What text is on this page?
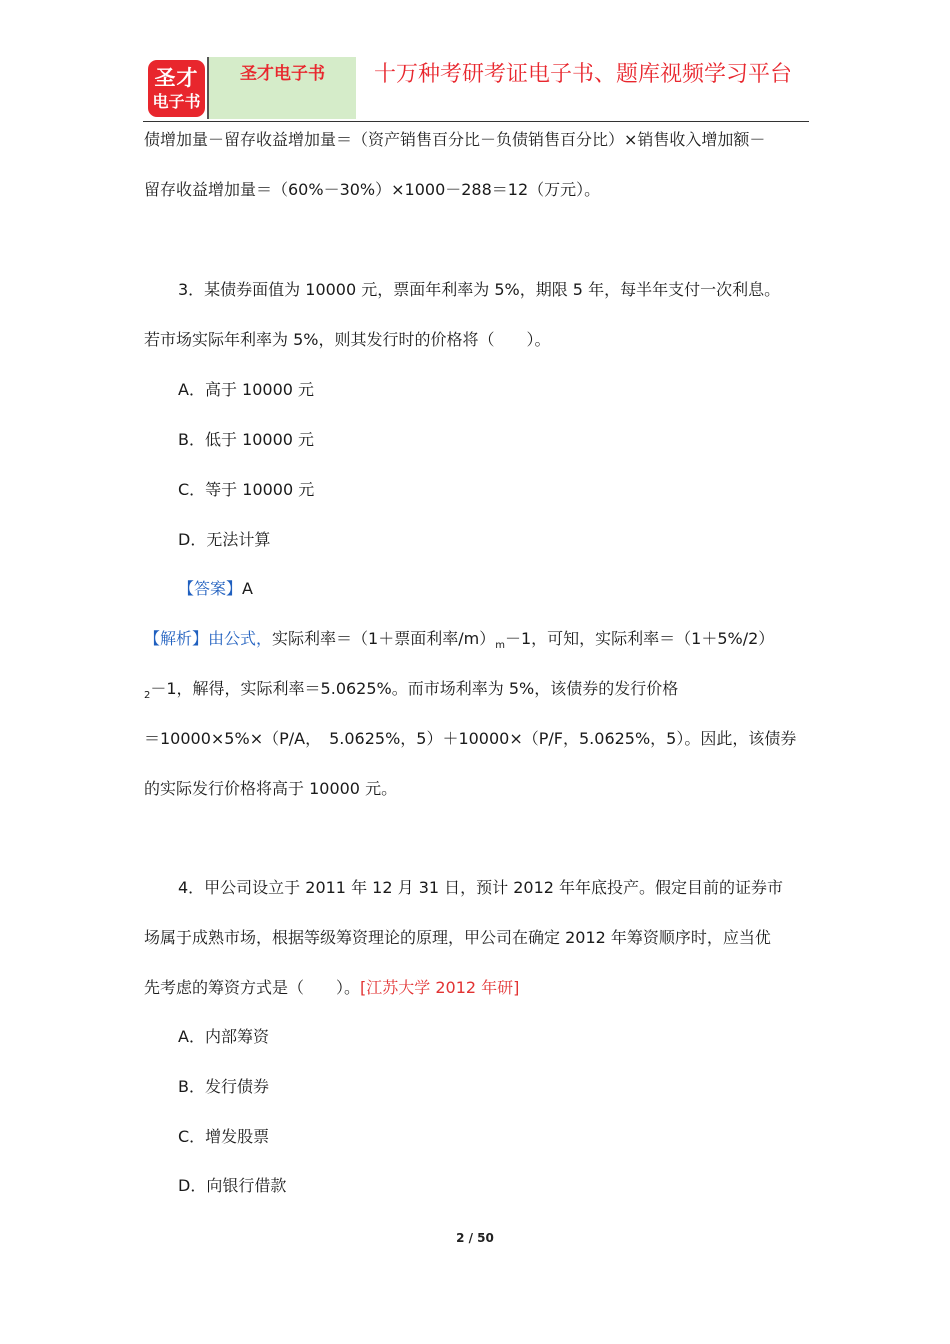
圣才
电子书
圣才电子书	十万种考研考证电子书、题库视频学习平台
债增加量－留存收益增加量＝（资产销售百分比－负债销售百分比）×销售收入增加额－
留存收益增加量＝（60%－30%）×1000－288＝12（万元）。
3．某债券面值为 10000 元，票面年利率为 5%，期限 5 年，每半年支付一次利息。
若市场实际年利率为 5%，则其发行时的价格将（　　）。
A．高于 10000 元
B．低于 10000 元
C．等于 10000 元
D．无法计算
【答案】A
【解析】由公式，实际利率＝（1＋票面利率$/m)_m-1$，可知，实际利率＝（1＋5%/2）
$_2$－1，解得，实际利率＝5.0625%。而市场利率为 5%，该债券的发行价格
＝10000×5%×（P/A，　5.0625%，5）＋10000×（P/F，5.0625%，5）。因此，该债券
的实际发行价格将高于 10000 元。
4．甲公司设立于 2011 年 12 月 31 日，预计 2012 年年底投产。假定目前的证券市
场属于成熟市场，根据等级筹资理论的原理，甲公司在确定 2012 年筹资顺序时，应当优
先考虑的筹资方式是（　　）。[江苏大学 2012 年研]
A．内部筹资
B．发行债券
C．增发股票
D．向银行借款
2 / 50
